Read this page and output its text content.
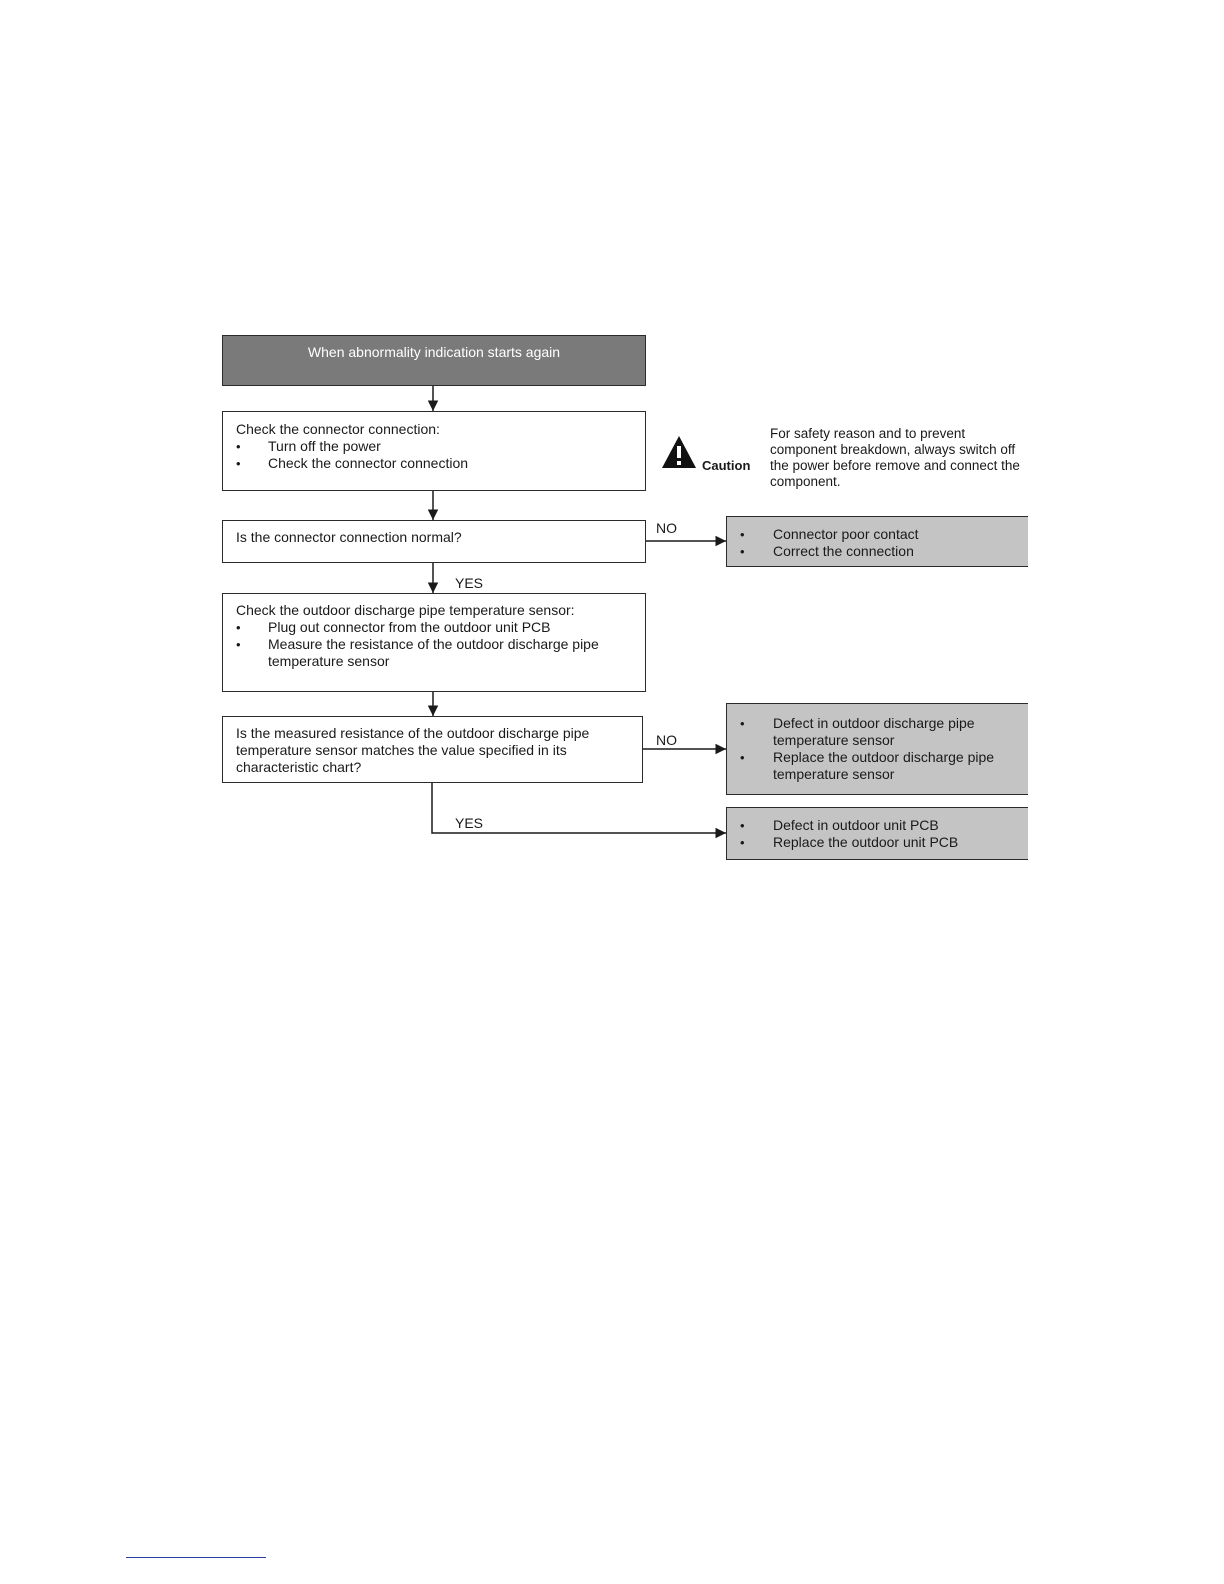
When abnormality indication starts again
Check the connector connection:
• Turn off the power
• Check the connector connection	Caution
For safety reason and to prevent component breakdown, always switch off the power before remove and connect the component.
Is the connector connection normal?
NO
YES
• Connector poor contact
• Correct the connection
Check the outdoor discharge pipe temperature sensor:
• Plug out connector from the outdoor unit PCB
• Measure the resistance of the outdoor discharge pipe temperature sensor
Is the measured resistance of the outdoor discharge pipe temperature sensor matches the value specified in its characteristic chart?
NO
YES
• Defect in outdoor discharge pipe temperature sensor
• Replace the outdoor discharge pipe temperature sensor
• Defect in outdoor unit PCB
• Replace the outdoor unit PCB
